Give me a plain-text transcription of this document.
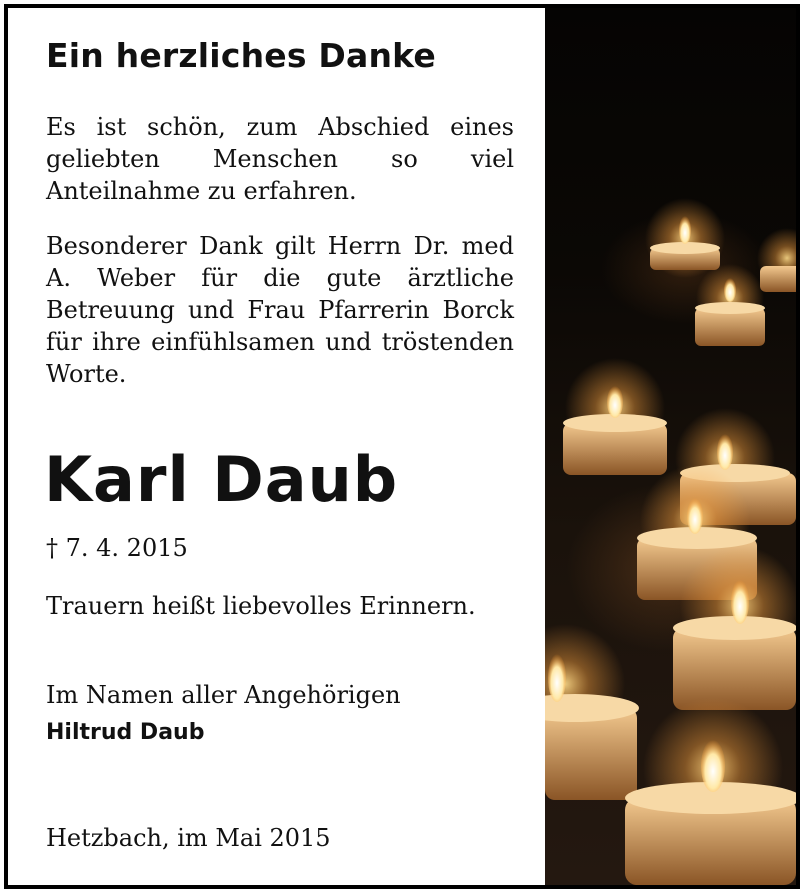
Ein herzliches Danke
Es ist schön, zum Abschied eines geliebten Menschen so viel Anteilnahme zu erfahren.
Besonderer Dank gilt Herrn Dr. med A. Weber für die gute ärztliche Betreuung und Frau Pfarrerin Borck für ihre einfühlsamen und tröstenden Worte.
Karl Daub
† 7. 4. 2015
Trauern heißt liebevolles Erinnern.
Im Namen aller Angehörigen
Hiltrud Daub
Hetzbach, im Mai 2015
